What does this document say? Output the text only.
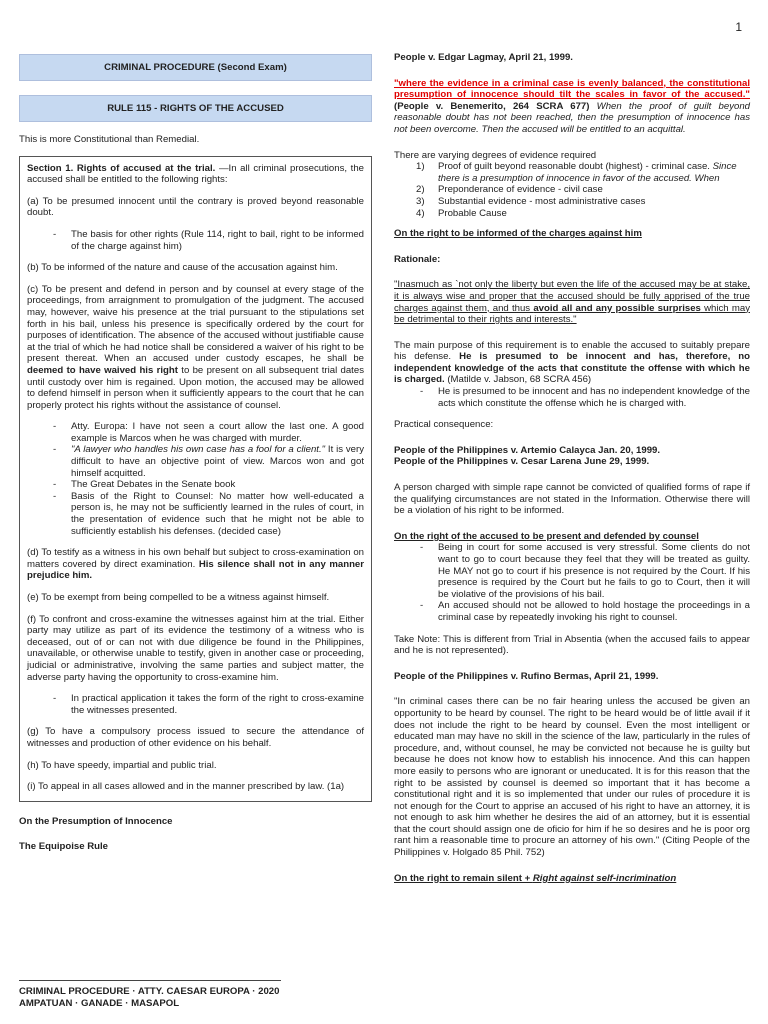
1
CRIMINAL PROCEDURE (Second Exam)
RULE 115 - RIGHTS OF THE ACCUSED

This is more Constitutional than Remedial.

Section 1. Rights of accused at the trial. —In all criminal prosecutions, the accused shall be entitled to the following rights:

(a) To be presumed innocent until the contrary is proved beyond reasonable doubt.

- The basis for other rights (Rule 114, right to bail, right to be informed of the charge against him)

(b) To be informed of the nature and cause of the accusation against him.

(c) To be present and defend in person and by counsel at every stage of the proceedings, from arraignment to promulgation of the judgment. The accused may, however, waive his presence at the trial pursuant to the stipulations set forth in his bail, unless his presence is specifically ordered by the court for purposes of identification. The absence of the accused without justifiable cause at the trial of which he had notice shall be considered a waiver of his right to be present thereat. When an accused under custody escapes, he shall be deemed to have waived his right to be present on all subsequent trial dates until custody over him is regained. Upon motion, the accused may be allowed to defend himself in person when it sufficiently appears to the court that he can properly protect his rights without the assistance of counsel.

- Atty. Europa: I have not seen a court allow the last one. A good example is Marcos when he was charged with murder.
- "A lawyer who handles his own case has a fool for a client." It is very difficult to have an objective point of view. Marcos won and got himself acquitted.
- The Great Debates in the Senate book
- Basis of the Right to Counsel: No matter how well-educated a person is, he may not be sufficiently learned in the rules of court, in the presentation of evidence such that he might not be able to sufficiently establish his defenses. (decided case)

(d) To testify as a witness in his own behalf but subject to cross-examination on matters covered by direct examination. His silence shall not in any manner prejudice him.

(e) To be exempt from being compelled to be a witness against himself.

(f) To confront and cross-examine the witnesses against him at the trial. Either party may utilize as part of its evidence the testimony of a witness who is deceased, out of or can not with due diligence be found in the Philippines, unavailable, or otherwise unable to testify, given in another case or proceeding, judicial or administrative, involving the same parties and subject matter, the adverse party having the opportunity to cross-examine him.

- In practical application it takes the form of the right to cross-examine the witnesses presented.

(g) To have a compulsory process issued to secure the attendance of witnesses and production of other evidence on his behalf.

(h) To have speedy, impartial and public trial.

(i) To appeal in all cases allowed and in the manner prescribed by law. (1a)

On the Presumption of Innocence

The Equipoise Rule

People v. Edgar Lagmay, April 21, 1999.

"where the evidence in a criminal case is evenly balanced, the constitutional presumption of innocence should tilt the scales in favor of the accused." (People v. Benemerito, 264 SCRA 677) When the proof of guilt beyond reasonable doubt has not been reached, then the presumption of innocence has not been overcome. Then the accused will be entitled to an acquittal.

There are varying degrees of evidence required

1) Proof of guilt beyond reasonable doubt (highest) - criminal case. Since there is a presumption of innocence in favor of the accused. When
2) Preponderance of evidence - civil case
3) Substantial evidence - most administrative cases
4) Probable Cause

On the right to be informed of the charges against him

Rationale:

"Inasmuch as `not only the liberty but even the life of the accused may be at stake, it is always wise and proper that the accused should be fully apprised of the true charges against them, and thus avoid all and any possible surprises which may be detrimental to their rights and interests."

The main purpose of this requirement is to enable the accused to suitably prepare his defense. He is presumed to be innocent and has, therefore, no independent knowledge of the acts that constitute the offense with which he is charged. (Matilde v. Jabson, 68 SCRA 456)

- He is presumed to be innocent and has no independent knowledge of the acts which constitute the offense which he is charged with.

Practical consequence:

People of the Philippines v. Artemio Calayca Jan. 20, 1999.

People of the Philippines v. Cesar Larena June 29, 1999.

A person charged with simple rape cannot be convicted of qualified forms of rape if the qualifying circumstances are not stated in the Information. Otherwise there will be a violation of his right to be informed.

On the right of the accused to be present and defended by counsel

- Being in court for some accused is very stressful. Some clients do not want to go to court because they feel that they will be treated as guilty. He MAY not go to court if his presence is not required by the Court. If his presence is required by the Court but he fails to go to Court, then it will be violative of the provisions of his bail.
- An accused should not be allowed to hold hostage the proceedings in a criminal case by repeatedly invoking his right to counsel.

Take Note: This is different from Trial in Absentia (when the accused fails to appear and he is not represented).

People of the Philippines v. Rufino Bermas, April 21, 1999.

"In criminal cases there can be no fair hearing unless the accused be given an opportunity to be heard by counsel. The right to be heard would be of little avail if it does not include the right to be heard by counsel. Even the most intelligent or educated man may have no skill in the science of the law, particularly in the rules of procedure, and, without counsel, he may be convicted not because he is guilty but because he does not know how to establish his innocence. And this can happen more easily to persons who are ignorant or uneducated. It is for this reason that the right to be assisted by counsel is deemed so important that it has become a constitutional right and it is so implemented that under our rules of procedure it is not enough for the Court to apprise an accused of his right to have an attorney, it is not enough to ask him whether he desires the aid of an attorney, but it is essential that the court should assign one de oficio for him if he so desires and he is poor org rant him a reasonable time to procure an attorney of his own." (Citing People of the Philippines v. Holgado 85 Phil. 752)

On the right to remain silent + Right against self-incrimination

CRIMINAL PROCEDURE · ATTY. CAESAR EUROPA · 2020
AMPATUAN · GANADE · MASAPOL
